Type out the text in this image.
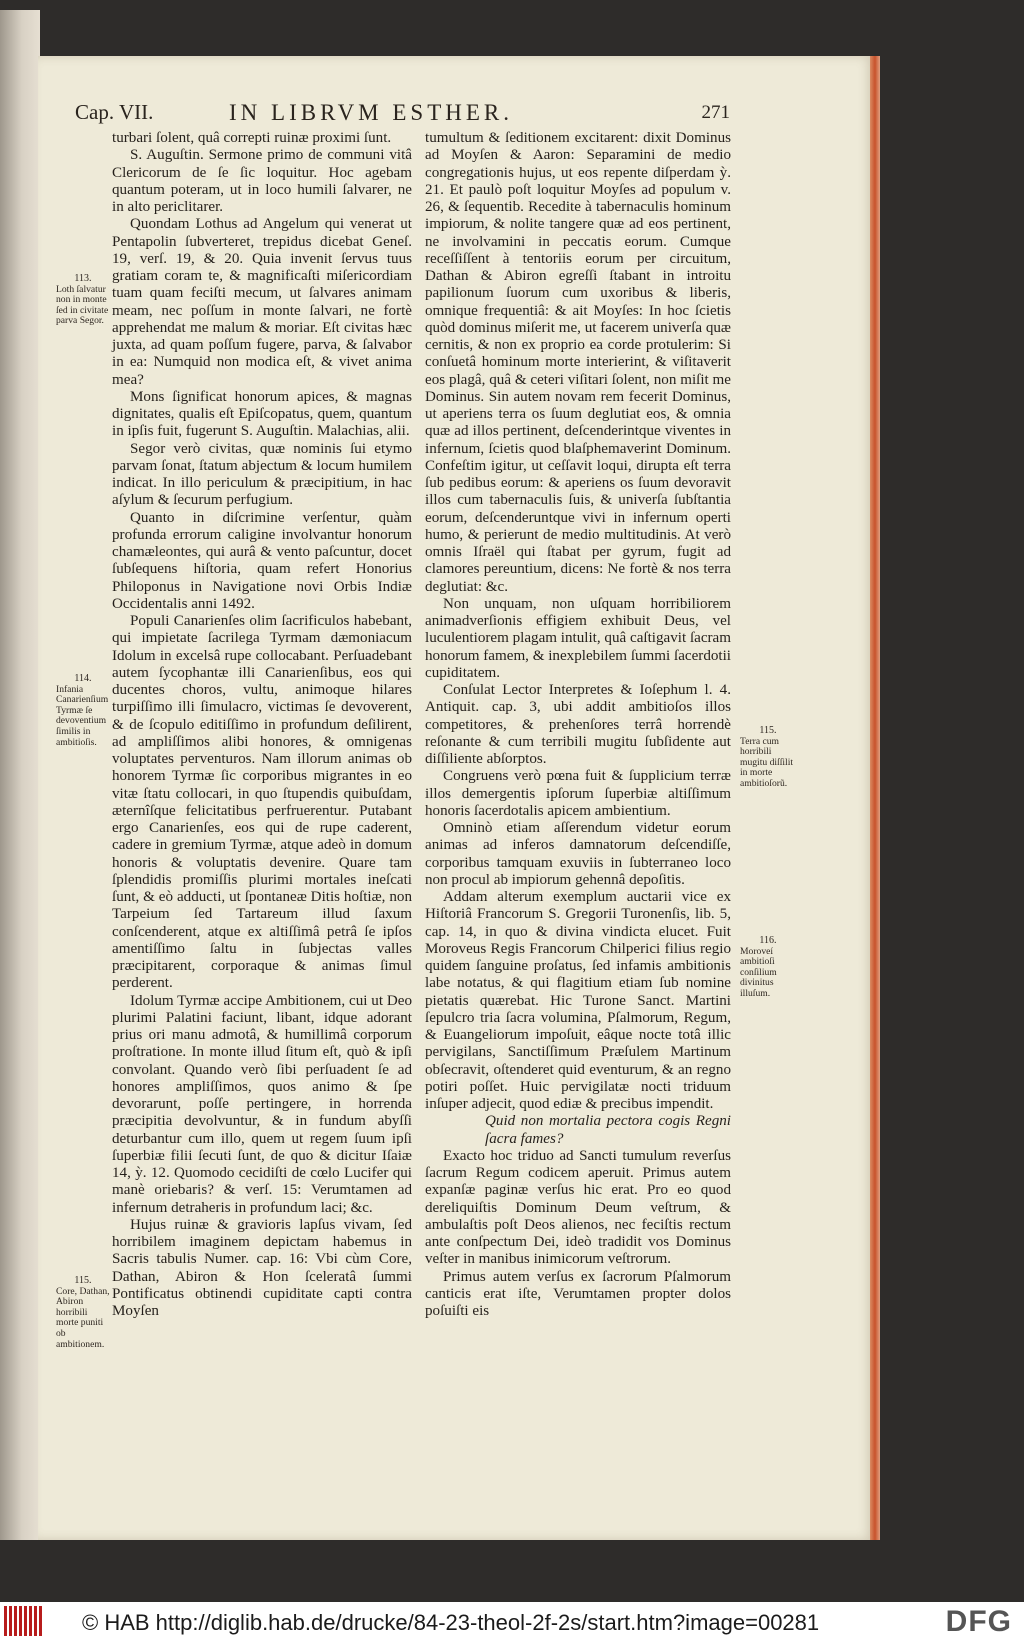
Cap. VII.	IN LIBRVM ESTHER.	271

turbari ſolent, quâ correpti ruinæ proximi ſunt.

S. Auguſtin. Sermone primo de communi vitâ Clericorum de ſe ſic loquitur. Hoc agebam quantum poteram, ut in loco humili ſalvarer, ne in alto periclitarer.

Quondam Lothus ad Angelum qui venerat ut Pentapolin ſubverteret, trepidus dicebat Geneſ. 19, verſ. 19, & 20. Quia invenit ſervus tuus gratiam coram te, & magnificaſti miſericordiam tuam quam feciſti mecum, ut ſalvares animam meam, nec poſſum in monte ſalvari, ne fortè apprehendat me malum & moriar. Eſt civitas hæc juxta, ad quam poſſum fugere, parva, & ſalvabor in ea: Numquid non modica eſt, & vivet anima mea?

Mons ſignificat honorum apices, & magnas dignitates, qualis eſt Epiſcopatus, quem, quantum in ipſis fuit, fugerunt S. Auguſtin. Malachias, alii.

Segor verò civitas, quæ nominis ſui etymo parvam ſonat, ſtatum abjectum & locum humilem indicat. In illo periculum & præcipitium, in hac aſylum & ſecurum perfugium.

Quanto in diſcrimine verſentur, quàm profunda errorum caligine involvantur honorum chamæleontes, qui aurâ & vento paſcuntur, docet ſubſequens hiſtoria, quam refert Honorius Philoponus in Navigatione novi Orbis Indiæ Occidentalis anni 1492.

Populi Canarienſes olim ſacrificulos habebant, qui impietate ſacrilega Tyrmam dæmoniacum Idolum in excelsâ rupe collocabant. Perſuadebant autem ſycophantæ illi Canarienſibus, eos qui ducentes choros, vultu, animoque hilares turpiſſimo illi ſimulacro, victimas ſe devoverent, & de ſcopulo editiſſimo in profundum deſilirent, ad ampliſſimos alibi honores, & omnigenas voluptates perventuros. Nam illorum animas ob honorem Tyrmæ ſic corporibus migrantes in eo vitæ ſtatu collocari, in quo ſtupendis quibuſdam, æternîſque felicitatibus perfruerentur. Putabant ergo Canarienſes, eos qui de rupe caderent, cadere in gremium Tyrmæ, atque adeò in domum honoris & voluptatis devenire. Quare tam ſplendidis promiſſis plurimi mortales ineſcati ſunt, & eò adducti, ut ſpontaneæ Ditis hoſtiæ, non Tarpeium ſed Tartareum illud ſaxum conſcenderent, atque ex altiſſimâ petrâ ſe ipſos amentiſſimo ſaltu in ſubjectas valles præcipitarent, corporaque & animas ſimul perderent.

Idolum Tyrmæ accipe Ambitionem, cui ut Deo plurimi Palatini faciunt, libant, idque adorant prius ori manu admotâ, & humillimâ corporum proſtratione. In monte illud ſitum eſt, quò & ipſi convolant. Quando verò ſibi perſuadent ſe ad honores ampliſſimos, quos animo & ſpe devorarunt, poſſe pertingere, in horrenda præcipitia devolvuntur, & in fundum abyſſi deturbantur cum illo, quem ut regem ſuum ipſi ſuperbiæ filii ſecuti ſunt, de quo & dicitur Iſaiæ 14, ỳ. 12. Quomodo cecidiſti de cœlo Lucifer qui manè oriebaris? & verſ. 15: Verumtamen ad infernum detraheris in profundum laci; &c.

Hujus ruinæ & gravioris lapſus vivam, ſed horribilem imaginem depictam habemus in Sacris tabulis Numer. cap. 16: Vbi cùm Core, Dathan, Abiron & Hon ſceleratâ ſummi Pontificatus obtinendi cupiditate capti contra Moyſen

tumultum & ſeditionem excitarent: dixit Dominus ad Moyſen & Aaron: Separamini de medio congregationis hujus, ut eos repente diſperdam ỳ. 21. Et paulò poſt loquitur Moyſes ad populum v. 26, & ſequentib. Recedite à tabernaculis hominum impiorum, & nolite tangere quæ ad eos pertinent, ne involvamini in peccatis eorum. Cumque receſſiſſent à tentoriis eorum per circuitum, Dathan & Abiron egreſſi ſtabant in introitu papilionum ſuorum cum uxoribus & liberis, omnique frequentiâ: & ait Moyſes: In hoc ſcietis quòd dominus miſerit me, ut facerem univerſa quæ cernitis, & non ex proprio ea corde protulerim: Si conſuetâ hominum morte interierint, & viſitaverit eos plagâ, quâ & ceteri viſitari ſolent, non miſit me Dominus. Sin autem novam rem fecerit Dominus, ut aperiens terra os ſuum deglutiat eos, & omnia quæ ad illos pertinent, deſcenderintque viventes in infernum, ſcietis quod blaſphemaverint Dominum. Confeſtim igitur, ut ceſſavit loqui, dirupta eſt terra ſub pedibus eorum: & aperiens os ſuum devoravit illos cum tabernaculis ſuis, & univerſa ſubſtantia eorum, deſcenderuntque vivi in infernum operti humo, & perierunt de medio multitudinis. At verò omnis Iſraël qui ſtabat per gyrum, fugit ad clamores pereuntium, dicens: Ne fortè & nos terra deglutiat: &c.

Non unquam, non uſquam horribiliorem animadverſionis effigiem exhibuit Deus, vel luculentiorem plagam intulit, quâ caſtigavit ſacram honorum famem, & inexplebilem ſummi ſacerdotii cupiditatem.

Conſulat Lector Interpretes & Ioſephum l. 4. Antiquit. cap. 3, ubi addit ambitioſos illos competitores, & prehenſores terrâ horrendè reſonante & cum terribili mugitu ſubſidente aut diſſiliente abſorptos.

Congruens verò pœna fuit & ſupplicium terræ illos demergentis ipſorum ſuperbiæ altiſſimum honoris ſacerdotalis apicem ambientium.

Omninò etiam aſſerendum videtur eorum animas ad inferos damnatorum deſcendiſſe, corporibus tamquam exuviis in ſubterraneo loco non procul ab impiorum gehennâ depoſitis.

Addam alterum exemplum auctarii vice ex Hiſtoriâ Francorum S. Gregorii Turonenſis, lib. 5, cap. 14, in quo & divina vindicta elucet. Fuit Moroveus Regis Francorum Chilperici filius regio quidem ſanguine proſatus, ſed infamis ambitionis labe notatus, & qui flagitium etiam ſub nomine pietatis quærebat. Hic Turone Sanct. Martini ſepulcro tria ſacra volumina, Pſalmorum, Regum, & Euangeliorum impoſuit, eâque nocte totâ illic pervigilans, Sanctiſſimum Præſulem Martinum obſecravit, oſtenderet quid eventurum, & an regno potiri poſſet. Huic pervigilatæ nocti triduum inſuper adjecit, quod ediæ & precibus impendit.

Quid non mortalia pectora cogis Regni ſacra fames?

Exacto hoc triduo ad Sancti tumulum reverſus ſacrum Regum codicem aperuit. Primus autem expanſæ paginæ verſus hic erat. Pro eo quod dereliquiſtis Dominum Deum veſtrum, & ambulaſtis poſt Deos alienos, nec feciſtis rectum ante conſpectum Dei, ideò tradidit vos Dominus veſter in manibus inimicorum veſtrorum.

Primus autem verſus ex ſacrorum Pſalmorum canticis erat iſte, Verumtamen propter dolos poſuiſti eis

113.
Loth ſalvatur non in monte ſed in civitate parva Segor.
114.
Infania Canarienſium Tyrmæ ſe devoventium ſimilis in ambitioſis.
115.
Core, Dathan, Abiron horribili morte puniti ob ambitionem.
115.
Terra cum horribili mugitu diſſilit in morte ambitioſorũ.
116.
Moroveí ambitioſi conſilium divinitus illuſum.
© HAB http://diglib.hab.de/drucke/84-23-theol-2f-2s/start.htm?image=00281	DFG
